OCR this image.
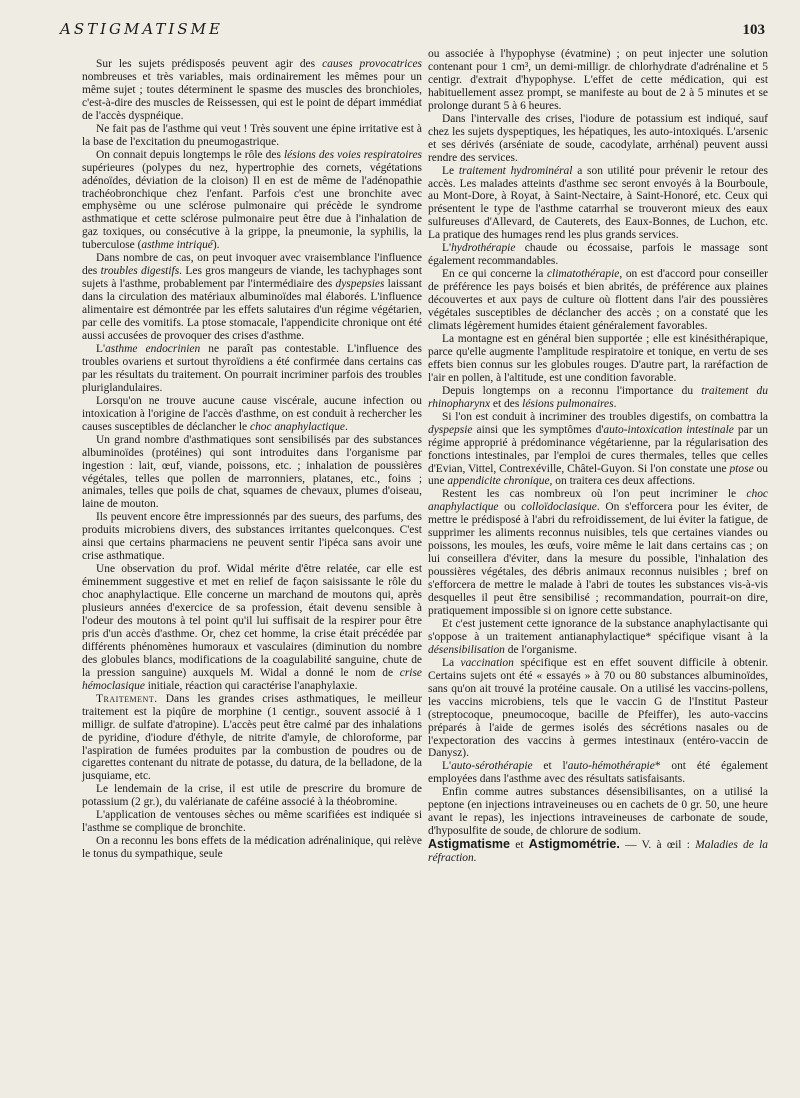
ASTIGMATISME	103

Sur les sujets prédisposés peuvent agir des causes provocatrices nombreuses et très variables, mais ordinairement les mêmes pour un même sujet ; toutes déterminent le spasme des muscles des bronchioles, c'est-à-dire des muscles de Reissessen, qui est le point de départ immédiat de l'accès dyspnéique.

Ne fait pas de l'asthme qui veut ! Très souvent une épine irritative est à la base de l'excitation du pneumogastrique.

On connait depuis longtemps le rôle des lésions des voies respiratoires supérieures (polypes du nez, hypertrophie des cornets, végétations adénoïdes, déviation de la cloison) Il en est de même de l'adénopathie trachéobronchique chez l'enfant. Parfois c'est une bronchite avec emphysème ou une sclérose pulmonaire qui précède le syndrome asthmatique et cette sclérose pulmonaire peut être due à l'inhalation de gaz toxiques, ou consécutive à la grippe, la pneumonie, la syphilis, la tuberculose (asthme intriqué).

Dans nombre de cas, on peut invoquer avec vraisemblance l'influence des troubles digestifs. Les gros mangeurs de viande, les tachyphages sont sujets à l'asthme, probablement par l'intermédiaire des dyspepsies laissant dans la circulation des matériaux albuminoïdes mal élaborés. L'influence alimentaire est démontrée par les effets salutaires d'un régime végétarien, par celle des vomitifs. La ptose stomacale, l'appendicite chronique ont été aussi accusées de provoquer des crises d'asthme.

L'asthme endocrinien ne paraît pas contestable. L'influence des troubles ovariens et surtout thyroïdiens a été confirmée dans certains cas par les résultats du traitement. On pourrait incriminer parfois des troubles pluriglandulaires.

Lorsqu'on ne trouve aucune cause viscérale, aucune infection ou intoxication à l'origine de l'accès d'asthme, on est conduit à rechercher les causes susceptibles de déclancher le choc anaphylactique.

Un grand nombre d'asthmatiques sont sensibilisés par des substances albuminoïdes (protéines) qui sont introduites dans l'organisme par ingestion : lait, œuf, viande, poissons, etc. ; inhalation de poussières végétales, telles que pollen de marronniers, platanes, etc., foins ; animales, telles que poils de chat, squames de chevaux, plumes d'oiseau, laine de mouton.

Ils peuvent encore être impressionnés par des sueurs, des parfums, des produits microbiens divers, des substances irritantes quelconques. C'est ainsi que certains pharmaciens ne peuvent sentir l'ipéca sans avoir une crise asthmatique.

Une observation du prof. Widal mérite d'être relatée, car elle est éminemment suggestive et met en relief de façon saisissante le rôle du choc anaphylactique. Elle concerne un marchand de moutons qui, après plusieurs années d'exercice de sa profession, était devenu sensible à l'odeur des moutons à tel point qu'il lui suffisait de la respirer pour être pris d'un accès d'asthme. Or, chez cet homme, la crise était précédée par différents phénomènes humoraux et vasculaires (diminution du nombre des globules blancs, modifications de la coagulabilité sanguine, chute de la pression sanguine) auxquels M. Widal a donné le nom de crise hémoclasique initiale, réaction qui caractérise l'anaphylaxie.

Traitement. Dans les grandes crises asthmatiques, le meilleur traitement est la piqûre de morphine (1 centigr., souvent associé à 1 milligr. de sulfate d'atropine). L'accès peut être calmé par des inhalations de pyridine, d'iodure d'éthyle, de nitrite d'amyle, de chloroforme, par l'aspiration de fumées produites par la combustion de poudres ou de cigarettes contenant du nitrate de potasse, du datura, de la belladone, de la jusquiame, etc.

Le lendemain de la crise, il est utile de prescrire du bromure de potassium (2 gr.), du valérianate de caféine associé à la théobromine.

L'application de ventouses sèches ou même scarifiées est indiquée si l'asthme se complique de bronchite.

On a reconnu les bons effets de la médication adrénalinique, qui relève le tonus du sympathique, seule

ou associée à l'hypophyse (évatmine) ; on peut injecter une solution contenant pour 1 cm³, un demi-milligr. de chlorhydrate d'adrénaline et 5 centigr. d'extrait d'hypophyse. L'effet de cette médication, qui est habituellement assez prompt, se manifeste au bout de 2 à 5 minutes et se prolonge durant 5 à 6 heures.

Dans l'intervalle des crises, l'iodure de potassium est indiqué, sauf chez les sujets dyspeptiques, les hépatiques, les auto-intoxiqués. L'arsenic et ses dérivés (arséniate de soude, cacodylate, arrhénal) peuvent aussi rendre des services.

Le traitement hydrominéral a son utilité pour prévenir le retour des accès. Les malades atteints d'asthme sec seront envoyés à la Bourboule, au Mont-Dore, à Royat, à Saint-Nectaire, à Saint-Honoré, etc. Ceux qui présentent le type de l'asthme catarrhal se trouveront mieux des eaux sulfureuses d'Allevard, de Cauterets, des Eaux-Bonnes, de Luchon, etc. La pratique des humages rend les plus grands services.

L'hydrothérapie chaude ou écossaise, parfois le massage sont également recommandables.

En ce qui concerne la climatothérapie, on est d'accord pour conseiller de préférence les pays boisés et bien abrités, de préférence aux plaines découvertes et aux pays de culture où flottent dans l'air des poussières végétales susceptibles de déclancher des accès ; on a constaté que les climats légèrement humides étaient généralement favorables.

La montagne est en général bien supportée ; elle est kinésithérapique, parce qu'elle augmente l'amplitude respiratoire et tonique, en vertu de ses effets bien connus sur les globules rouges. D'autre part, la raréfaction de l'air en pollen, à l'altitude, est une condition favorable.

Depuis longtemps on a reconnu l'importance du traitement du rhinopharynx et des lésions pulmonaires.

Si l'on est conduit à incriminer des troubles digestifs, on combattra la dyspepsie ainsi que les symptômes d'auto-intoxication intestinale par un régime approprié à prédominance végétarienne, par la régularisation des fonctions intestinales, par l'emploi de cures thermales, telles que celles d'Evian, Vittel, Contrexéville, Châtel-Guyon. Si l'on constate une ptose ou une appendicite chronique, on traitera ces deux affections.

Restent les cas nombreux où l'on peut incriminer le choc anaphylactique ou colloïdoclasique. On s'efforcera pour les éviter, de mettre le prédisposé à l'abri du refroidissement, de lui éviter la fatigue, de supprimer les aliments reconnus nuisibles, tels que certaines viandes ou poissons, les moules, les œufs, voire même le lait dans certains cas ; on lui conseillera d'éviter, dans la mesure du possible, l'inhalation des poussières végétales, des débris animaux reconnus nuisibles ; bref on s'efforcera de mettre le malade à l'abri de toutes les substances vis-à-vis desquelles il peut être sensibilisé ; recommandation, pourrait-on dire, pratiquement impossible si on ignore cette substance.

Et c'est justement cette ignorance de la substance anaphylactisante qui s'oppose à un traitement antianaphylactique* spécifique visant à la désensibilisation de l'organisme.

La vaccination spécifique est en effet souvent difficile à obtenir. Certains sujets ont été « essayés » à 70 ou 80 substances albuminoïdes, sans qu'on ait trouvé la protéine causale. On a utilisé les vaccins-pollens, les vaccins microbiens, tels que le vaccin G de l'Institut Pasteur (streptocoque, pneumocoque, bacille de Pfeiffer), les auto-vaccins préparés à l'aide de germes isolés des sécrétions nasales ou de l'expectoration des vaccins à germes intestinaux (entéro-vaccin de Danysz).

L'auto-sérothérapie et l'auto-hémothérapie* ont été également employées dans l'asthme avec des résultats satisfaisants.

Enfin comme autres substances désensibilisantes, on a utilisé la peptone (en injections intraveineuses ou en cachets de 0 gr. 50, une heure avant le repas), les injections intraveineuses de carbonate de soude, d'hyposulfite de soude, de chlorure de sodium.

Astigmatisme et Astigmométrie. — V. à œil : Maladies de la réfraction.
